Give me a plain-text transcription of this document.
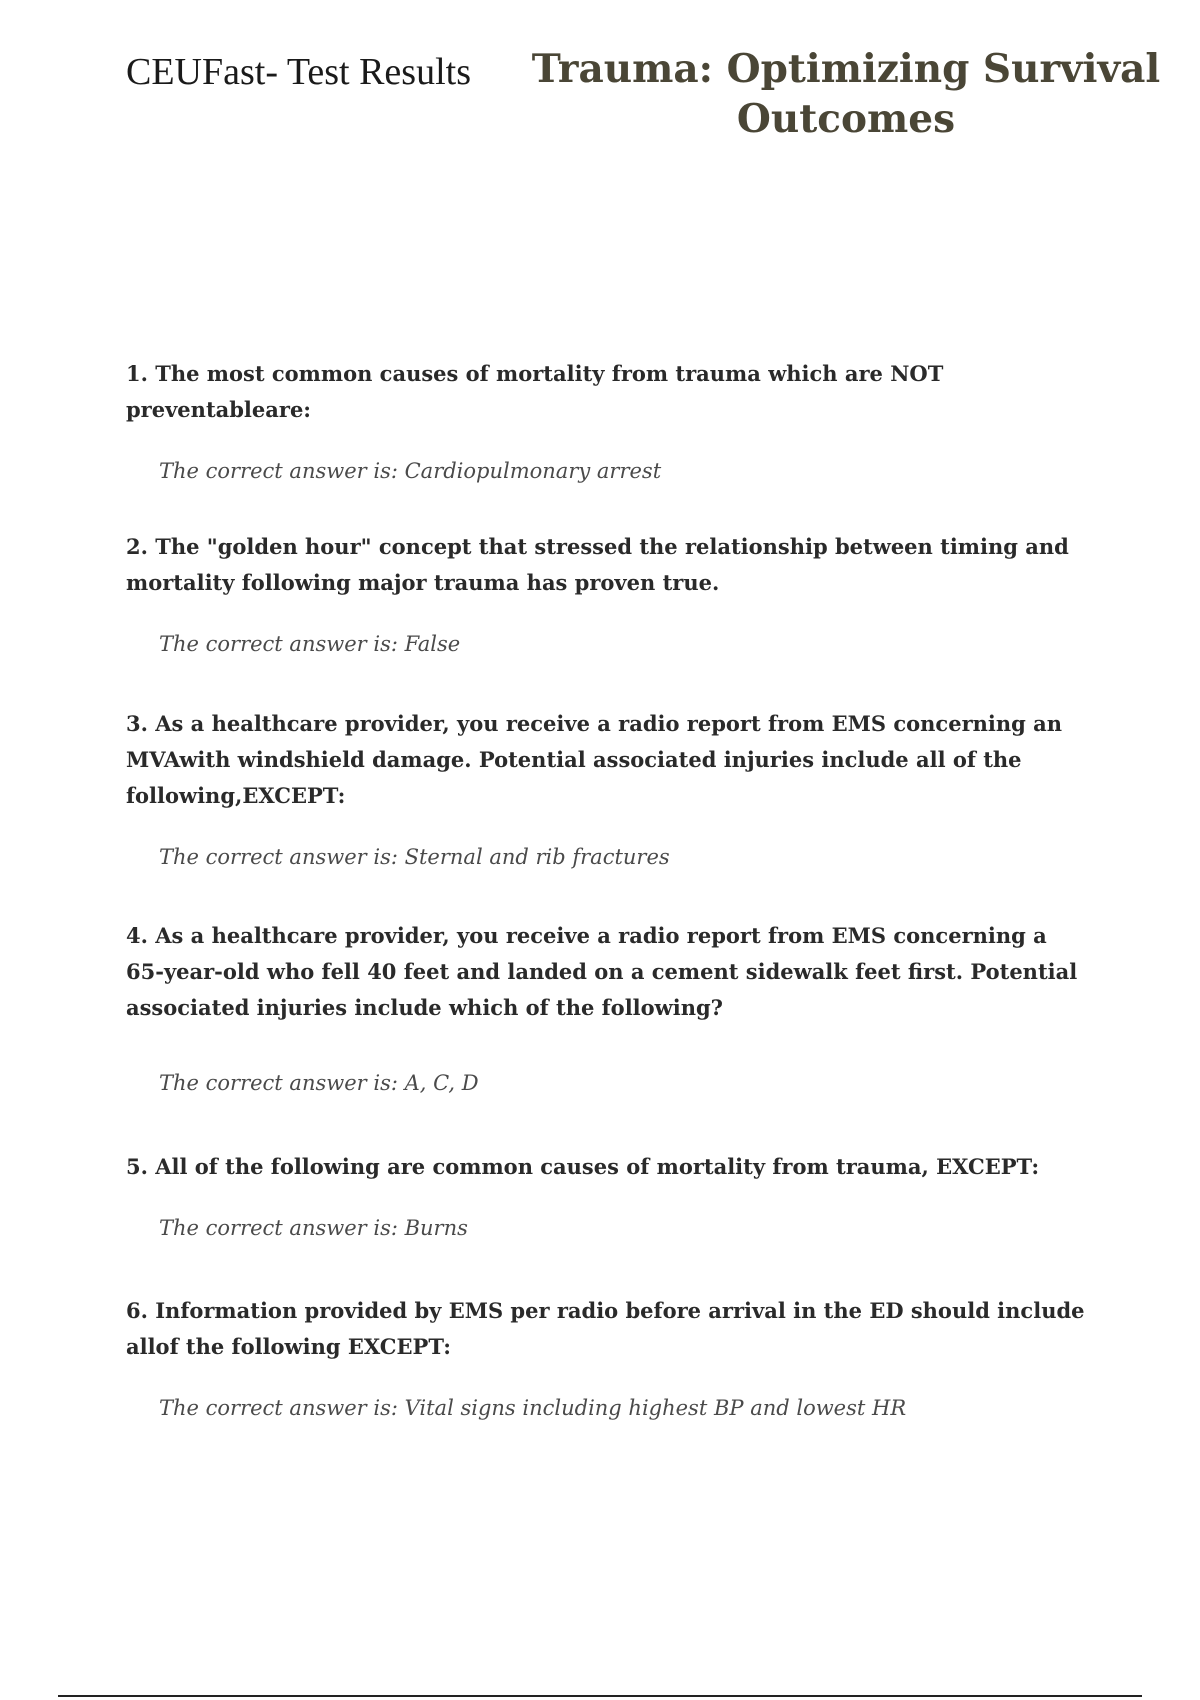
CEUFast- Test Results Trauma: Optimizing Survival Outcomes

1. The most common causes of mortality from trauma which are NOT preventableare:

The correct answer is: Cardiopulmonary arrest

2. The "golden hour" concept that stressed the relationship between timing and mortality following major trauma has proven true.

The correct answer is: False

3. As a healthcare provider, you receive a radio report from EMS concerning an MVAwith windshield damage. Potential associated injuries include all of the following,EXCEPT:

The correct answer is: Sternal and rib fractures

4. As a healthcare provider, you receive a radio report from EMS concerning a 65-year-old who fell 40 feet and landed on a cement sidewalk feet first. Potential associated injuries include which of the following?

The correct answer is: A, C, D

5. All of the following are common causes of mortality from trauma, EXCEPT:

The correct answer is: Burns

6. Information provided by EMS per radio before arrival in the ED should include allof the following EXCEPT:

The correct answer is: Vital signs including highest BP and lowest HR
